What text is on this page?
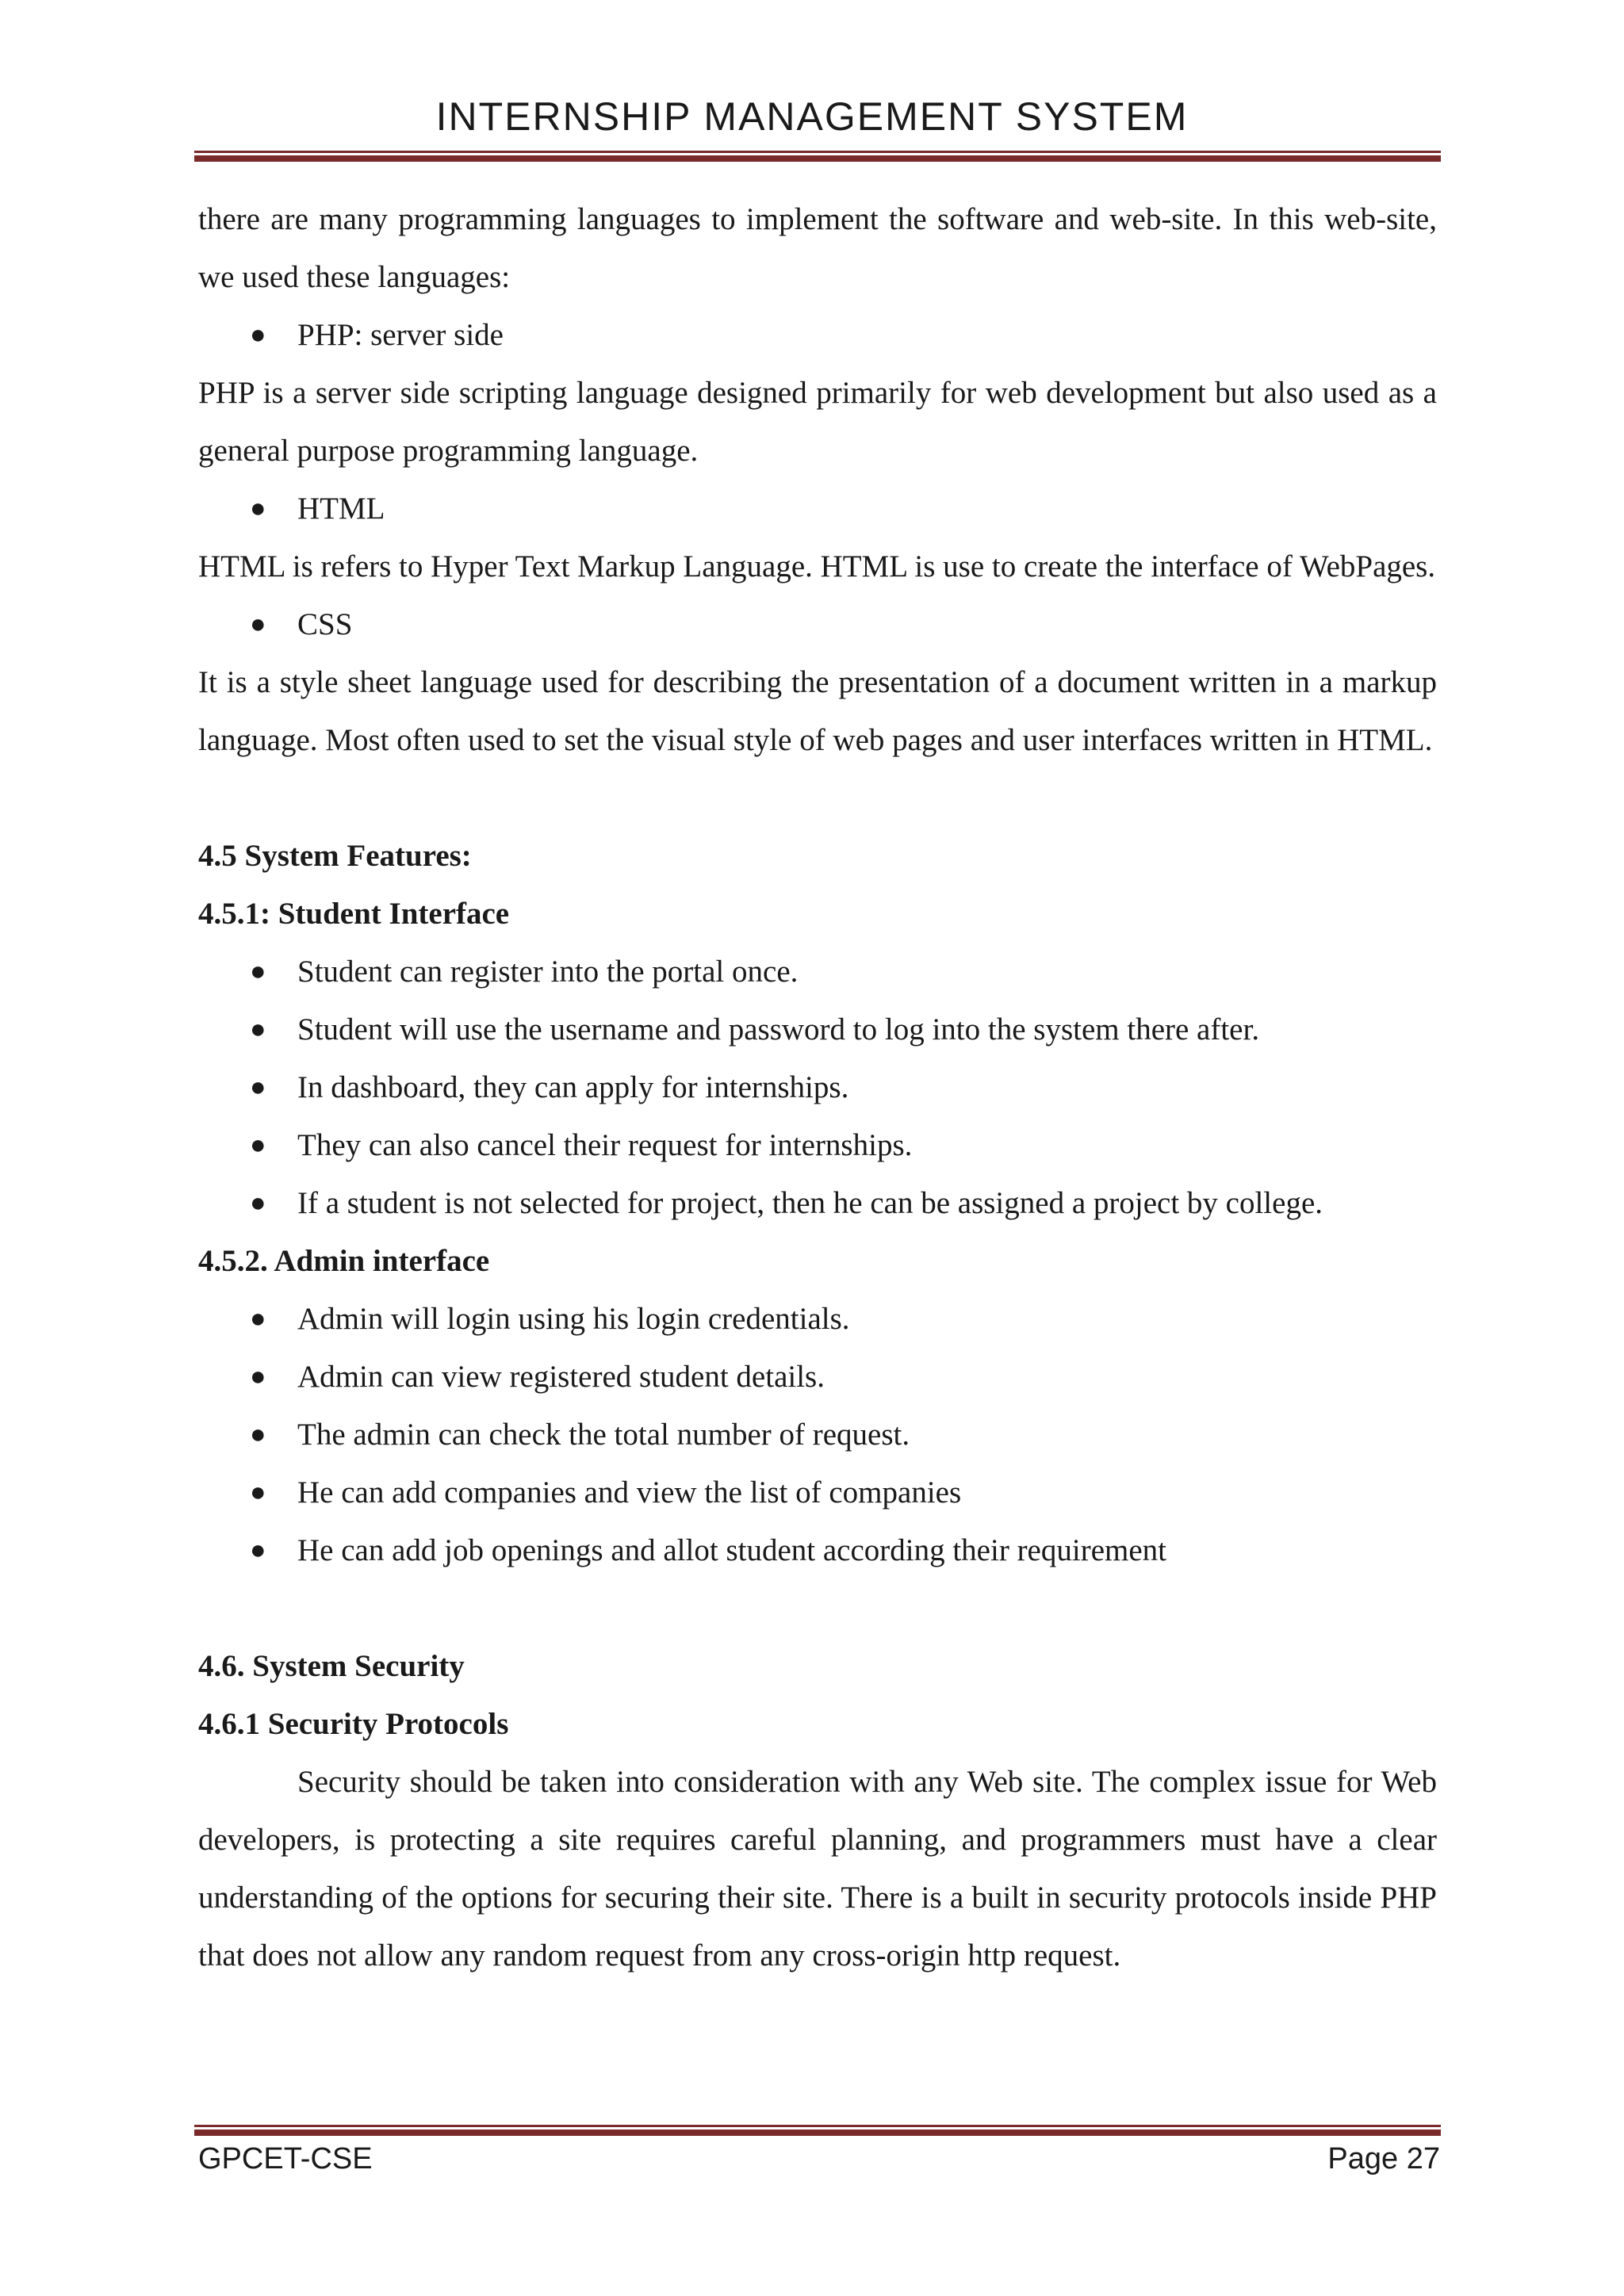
INTERNSHIP MANAGEMENT SYSTEM

there are many programming languages to implement the software and web-site. In this web-site, we used these languages:

● PHP: server side

PHP is a server side scripting language designed primarily for web development but also used as a general purpose programming language.

● HTML

HTML is refers to Hyper Text Markup Language. HTML is use to create the interface of WebPages.

● CSS

It is a style sheet language used for describing the presentation of a document written in a markup language. Most often used to set the visual style of web pages and user interfaces written in HTML.

4.5 System Features:

4.5.1: Student Interface

● Student can register into the portal once.

● Student will use the username and password to log into the system there after.

● In dashboard, they can apply for internships.

● They can also cancel their request for internships.

● If a student is not selected for project, then he can be assigned a project by college.

4.5.2. Admin interface

● Admin will login using his login credentials.

● Admin can view registered student details.

● The admin can check the total number of request.

● He can add companies and view the list of companies

● He can add job openings and allot student according their requirement

4.6. System Security

4.6.1 Security Protocols

Security should be taken into consideration with any Web site. The complex issue for Web developers, is protecting a site requires careful planning, and programmers must have a clear understanding of the options for securing their site. There is a built in security protocols inside PHP that does not allow any random request from any cross-origin http request.

GPCET-CSE	Page 27
